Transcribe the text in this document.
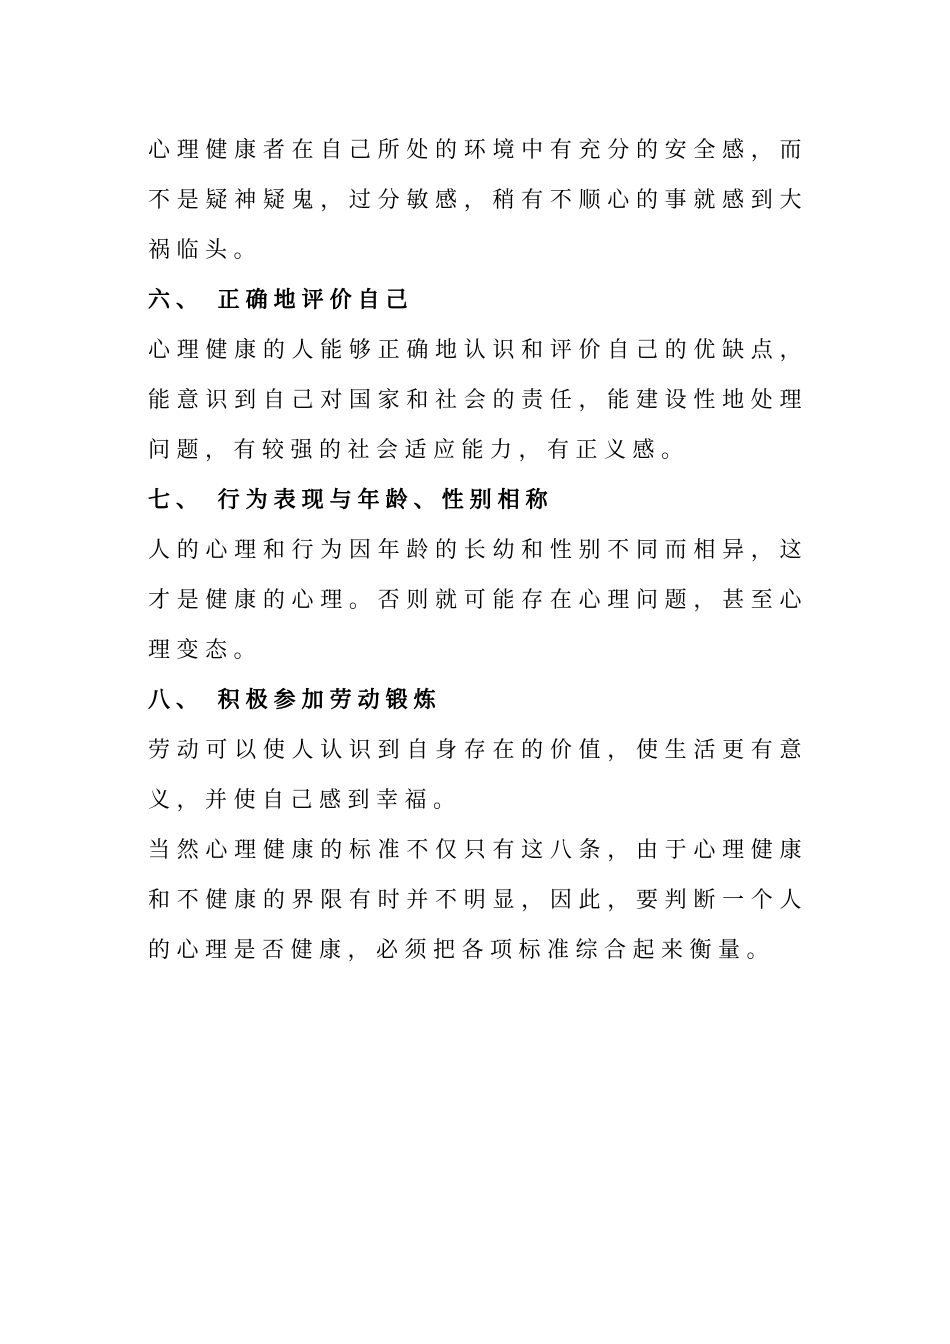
心理健康者在自己所处的环境中有充分的安全感，而不是疑神疑鬼，过分敏感，稍有不顺心的事就感到大祸临头。

六、 正确地评价自己

心理健康的人能够正确地认识和评价自己的优缺点，能意识到自己对国家和社会的责任，能建设性地处理问题，有较强的社会适应能力，有正义感。

七、 行为表现与年龄、性别相称

人的心理和行为因年龄的长幼和性别不同而相异，这才是健康的心理。否则就可能存在心理问题，甚至心理变态。

八、 积极参加劳动锻炼

劳动可以使人认识到自身存在的价值，使生活更有意义，并使自己感到幸福。

当然心理健康的标准不仅只有这八条，由于心理健康和不健康的界限有时并不明显，因此，要判断一个人的心理是否健康，必须把各项标准综合起来衡量。
